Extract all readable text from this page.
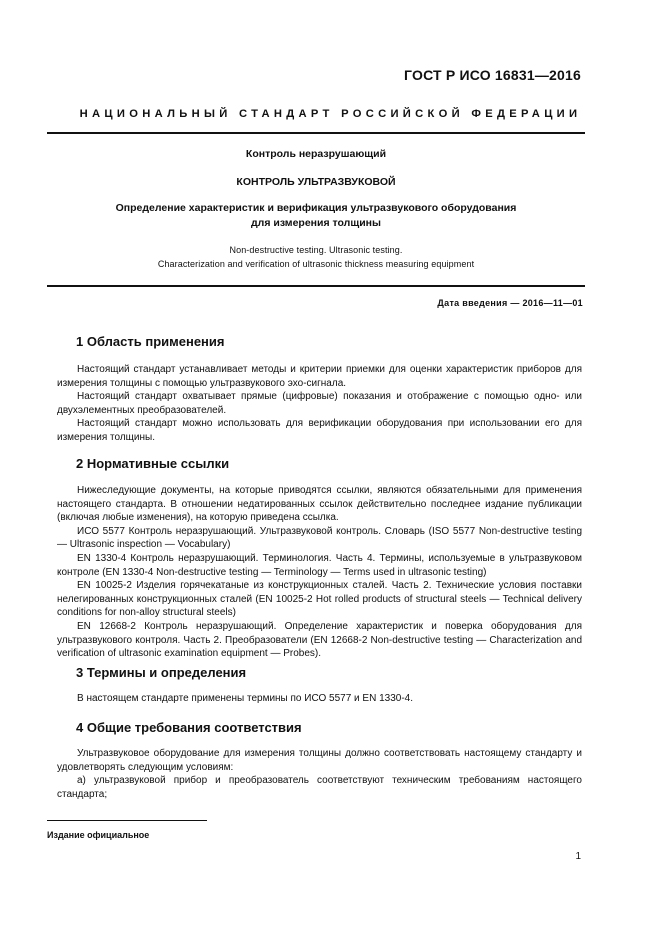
ГОСТ Р ИСО 16831—2016
НАЦИОНАЛЬНЫЙ СТАНДАРТ РОССИЙСКОЙ ФЕДЕРАЦИИ
Контроль неразрушающий
КОНТРОЛЬ УЛЬТРАЗВУКОВОЙ
Определение характеристик и верификация ультразвукового оборудования
для измерения толщины
Non-destructive testing. Ultrasonic testing.
Characterization and verification of ultrasonic thickness measuring equipment
Дата введения — 2016—11—01
1 Область применения

Настоящий стандарт устанавливает методы и критерии приемки для оценки характеристик приборов для измерения толщины с помощью ультразвукового эхо-сигнала.

Настоящий стандарт охватывает прямые (цифровые) показания и отображение с помощью одно- или двухэлементных преобразователей.

Настоящий стандарт можно использовать для верификации оборудования при использовании его для измерения толщины.

2 Нормативные ссылки

Нижеследующие документы, на которые приводятся ссылки, являются обязательными для применения настоящего стандарта. В отношении недатированных ссылок действительно последнее издание публикации (включая любые изменения), на которую приведена ссылка.

ИСО 5577 Контроль неразрушающий. Ультразвуковой контроль. Словарь (ISO 5577 Non-destructive testing — Ultrasonic inspection — Vocabulary)

EN 1330-4 Контроль неразрушающий. Терминология. Часть 4. Термины, используемые в ультразвуковом контроле (EN 1330-4 Non-destructive testing — Terminology — Terms used in ultrasonic testing)

EN 10025-2 Изделия горячекатаные из конструкционных сталей. Часть 2. Технические условия поставки нелегированных конструкционных сталей (EN 10025-2 Hot rolled products of structural steels — Technical delivery conditions for non-alloy structural steels)

EN 12668-2 Контроль неразрушающий. Определение характеристик и поверка оборудования для ультразвукового контроля. Часть 2. Преобразователи (EN 12668-2 Non-destructive testing — Characterization and verification of ultrasonic examination equipment — Probes).

3 Термины и определения

В настоящем стандарте применены термины по ИСО 5577 и EN 1330-4.

4 Общие требования соответствия

Ультразвуковое оборудование для измерения толщины должно соответствовать настоящему стандарту и удовлетворять следующим условиям:

а) ультразвуковой прибор и преобразователь соответствуют техническим требованиям настоящего стандарта;

Издание официальное
1
